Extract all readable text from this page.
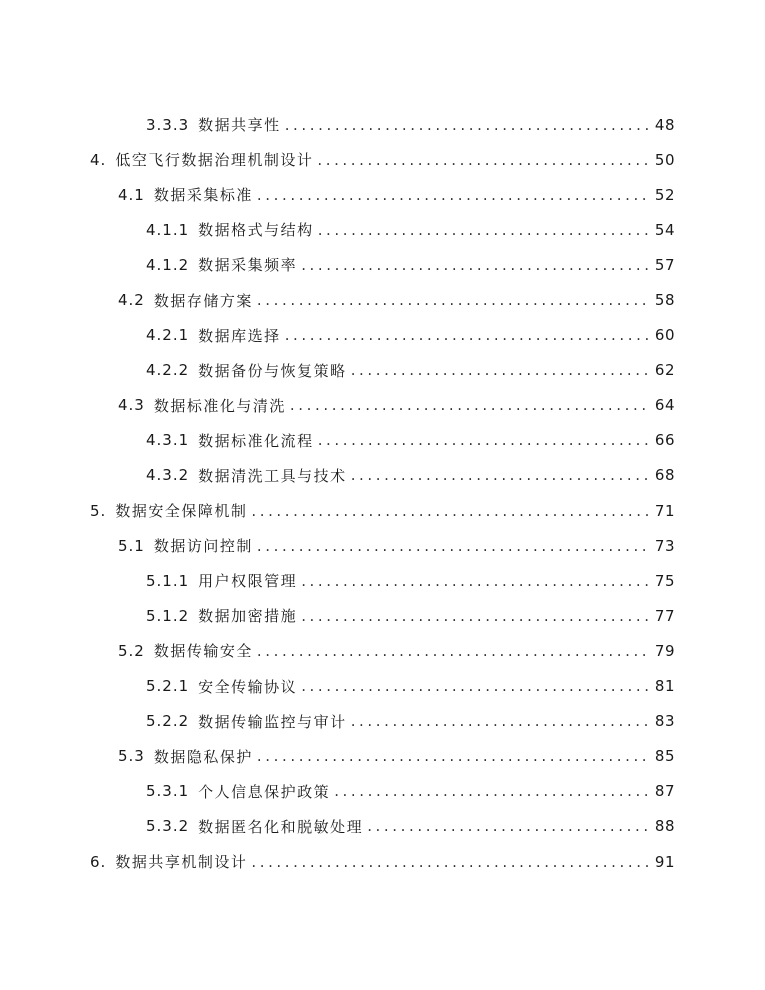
3.3.3 数据共享性 .....	48
4. 低空飞行数据治理机制设计 .....	50
4.1 数据采集标准 .....	52
4.1.1 数据格式与结构 .....	54
4.1.2 数据采集频率 .....	57
4.2 数据存储方案 .....	58
4.2.1 数据库选择 .....	60
4.2.2 数据备份与恢复策略 .....	62
4.3 数据标准化与清洗 .....	64
4.3.1 数据标准化流程 .....	66
4.3.2 数据清洗工具与技术 .....	68
5. 数据安全保障机制 .....	71
5.1 数据访问控制 .....	73
5.1.1 用户权限管理 .....	75
5.1.2 数据加密措施 .....	77
5.2 数据传输安全 .....	79
5.2.1 安全传输协议 .....	81
5.2.2 数据传输监控与审计 .....	83
5.3 数据隐私保护 .....	85
5.3.1 个人信息保护政策 .....	87
5.3.2 数据匿名化和脱敏处理 .....	88
6. 数据共享机制设计 .....	91
